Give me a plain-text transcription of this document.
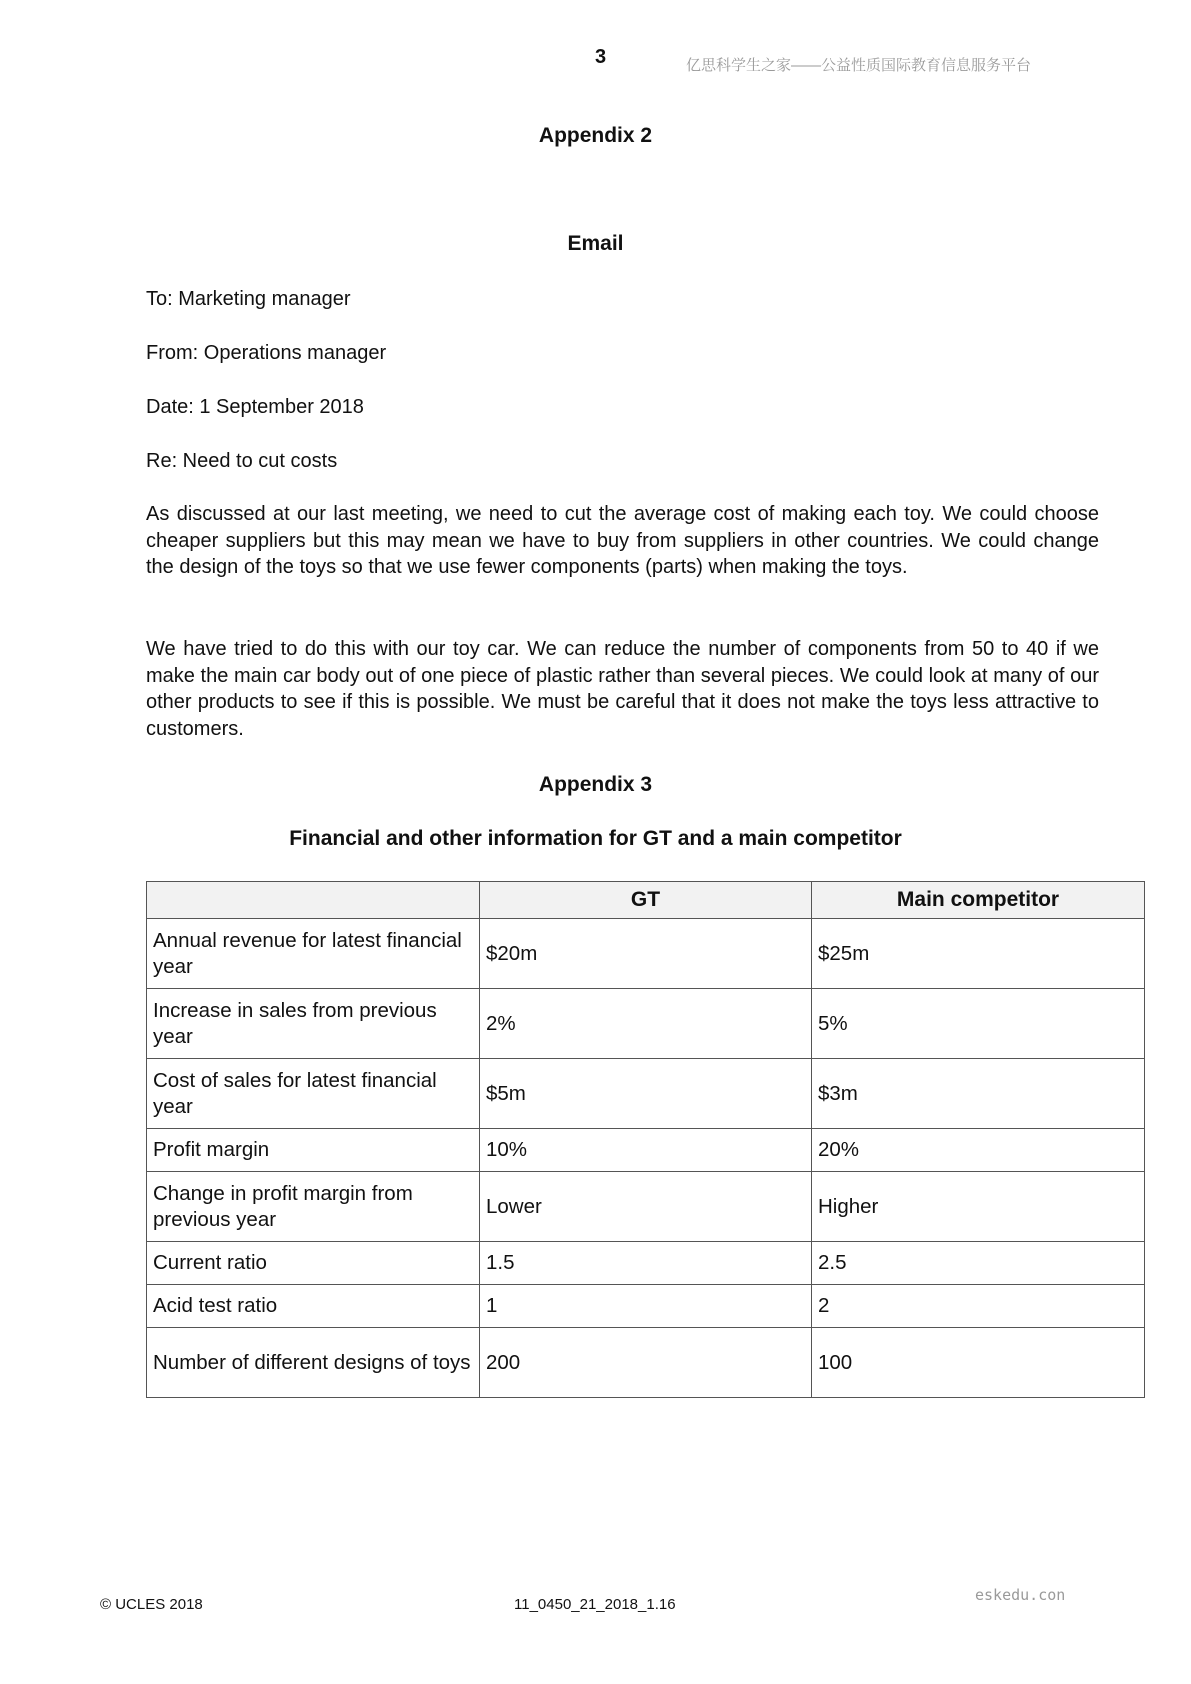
3	亿思科学生之家——公益性质国际教育信息服务平台
Appendix 2
Email
To: Marketing manager
From: Operations manager
Date: 1 September 2018
Re: Need to cut costs

As discussed at our last meeting, we need to cut the average cost of making each toy. We could choose cheaper suppliers but this may mean we have to buy from suppliers in other countries. We could change the design of the toys so that we use fewer components (parts) when making the toys.

We have tried to do this with our toy car. We can reduce the number of components from 50 to 40 if we make the main car body out of one piece of plastic rather than several pieces. We could look at many of our other products to see if this is possible. We must be careful that it does not make the toys less attractive to customers.

Appendix 3
Financial and other information for GT and a main competitor
	GT	Main competitor
Annual revenue for latest financial year	$20m	$25m
Increase in sales from previous year	2%	5%
Cost of sales for latest financial year	$5m	$3m
Profit margin	10%	20%
Change in profit margin from previous year	Lower	Higher
Current ratio	1.5	2.5
Acid test ratio	1	2
Number of different designs of toys	200	100
© UCLES 2018	11_0450_21_2018_1.16
eskedu.con
